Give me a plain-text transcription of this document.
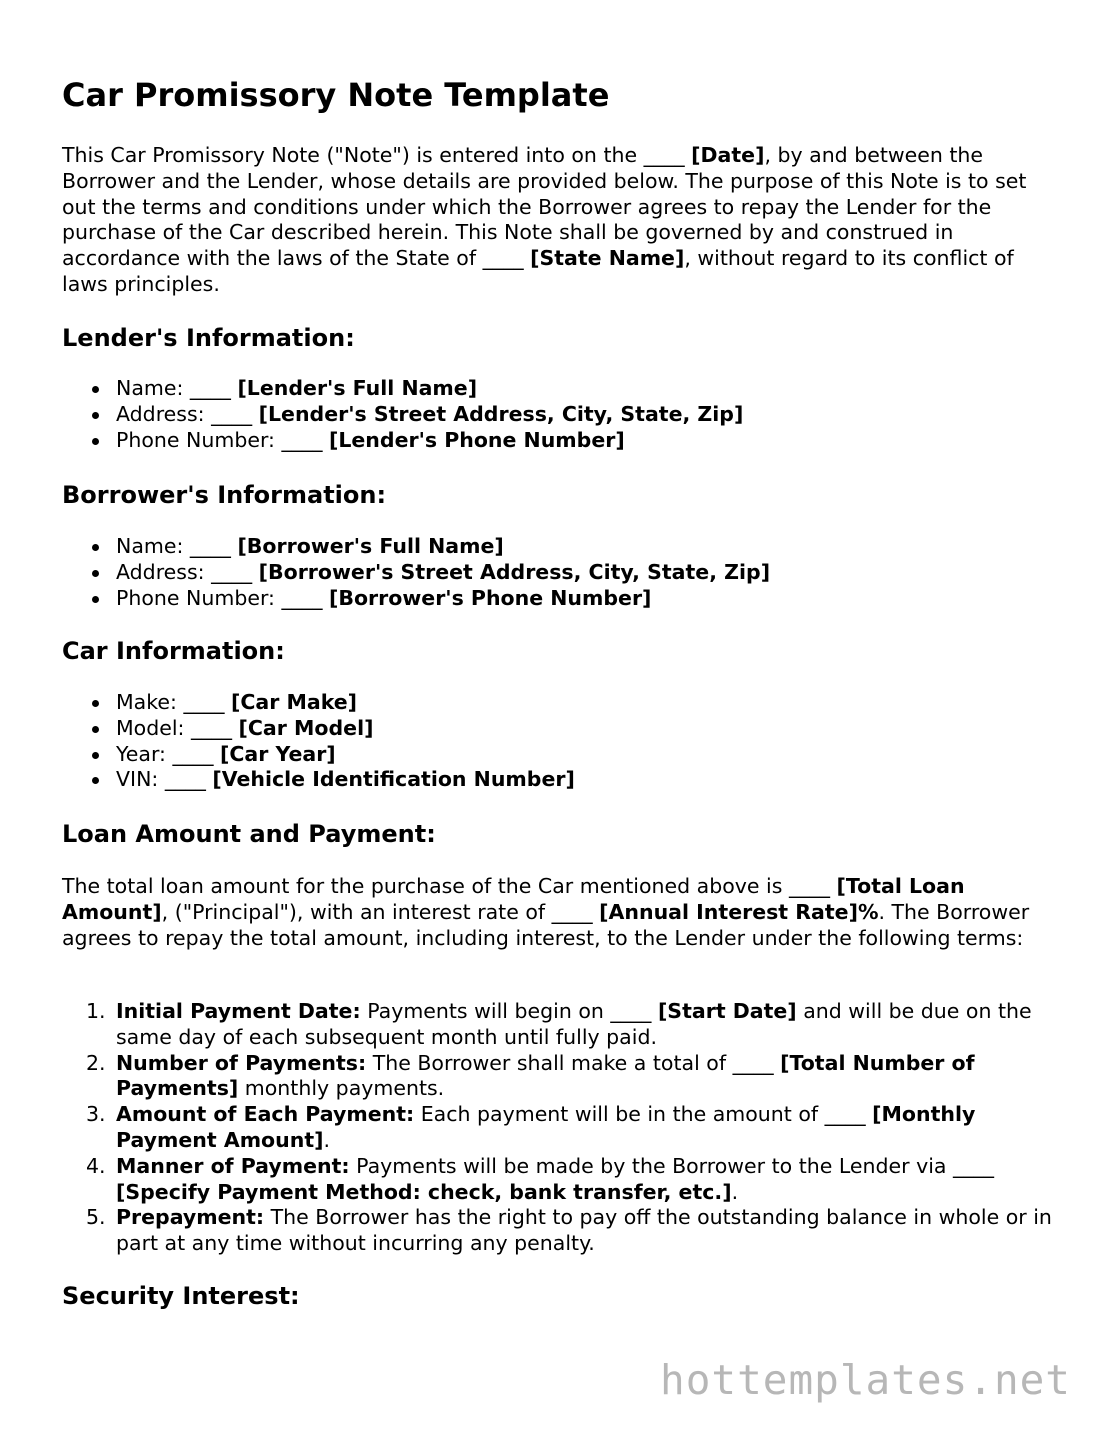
Car Promissory Note Template

This Car Promissory Note ("Note") is entered into on the ____ [Date], by and between the Borrower and the Lender, whose details are provided below. The purpose of this Note is to set out the terms and conditions under which the Borrower agrees to repay the Lender for the purchase of the Car described herein. This Note shall be governed by and construed in accordance with the laws of the State of ____ [State Name], without regard to its conflict of laws principles.

Lender's Information:
Name: ____ [Lender's Full Name]
Address: ____ [Lender's Street Address, City, State, Zip]
Phone Number: ____ [Lender's Phone Number]
Borrower's Information:
Name: ____ [Borrower's Full Name]
Address: ____ [Borrower's Street Address, City, State, Zip]
Phone Number: ____ [Borrower's Phone Number]
Car Information:
Make: ____ [Car Make]
Model: ____ [Car Model]
Year: ____ [Car Year]
VIN: ____ [Vehicle Identification Number]
Loan Amount and Payment:

The total loan amount for the purchase of the Car mentioned above is ____ [Total Loan Amount], ("Principal"), with an interest rate of ____ [Annual Interest Rate]%. The Borrower agrees to repay the total amount, including interest, to the Lender under the following terms:

Initial Payment Date: Payments will begin on ____ [Start Date] and will be due on the same day of each subsequent month until fully paid.
Number of Payments: The Borrower shall make a total of ____ [Total Number of Payments] monthly payments.
Amount of Each Payment: Each payment will be in the amount of ____ [Monthly Payment Amount].
Manner of Payment: Payments will be made by the Borrower to the Lender via ____ [Specify Payment Method: check, bank transfer, etc.].
Prepayment: The Borrower has the right to pay off the outstanding balance in whole or in part at any time without incurring any penalty.
Security Interest:
hottemplates.net
